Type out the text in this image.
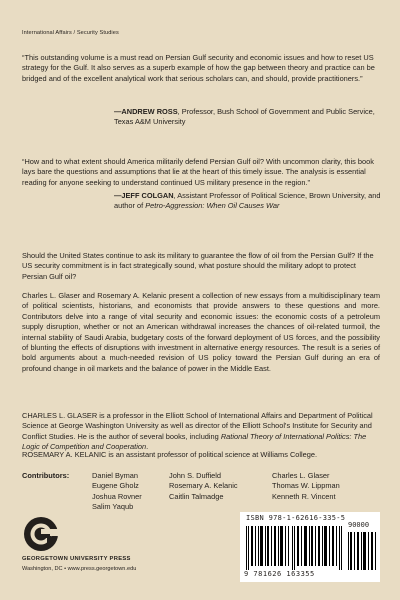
International Affairs / Security Studies
“This outstanding volume is a must read on Persian Gulf security and economic issues and how to reset US strategy for the Gulf. It also serves as a superb example of how the gap between theory and practice can be bridged and of the excellent analytical work that serious scholars can, and should, provide practitioners.”
—ANDREW ROSS, Professor, Bush School of Government and Public Service, Texas A&M University
“How and to what extent should America militarily defend Persian Gulf oil? With uncommon clarity, this book lays bare the questions and assumptions that lie at the heart of this timely issue. The analysis is essential reading for anyone seeking to understand continued US military presence in the region.”
—JEFF COLGAN, Assistant Professor of Political Science, Brown University, and author of Petro-Aggression: When Oil Causes War
Should the United States continue to ask its military to guarantee the flow of oil from the Persian Gulf? If the US security commitment is in fact strategically sound, what posture should the military adopt to protect Persian Gulf oil?
Charles L. Glaser and Rosemary A. Kelanic present a collection of new essays from a multidisciplinary team of political scientists, historians, and economists that provide answers to these questions and more. Contributors delve into a range of vital security and economic issues: the economic costs of a petroleum supply disruption, whether or not an American withdrawal increases the chances of oil-related turmoil, the internal stability of Saudi Arabia, budgetary costs of the forward deployment of US forces, and the possibility of blunting the effects of disruptions with investment in alternative energy resources. The result is a series of bold arguments about a much-needed revision of US policy toward the Persian Gulf during an era of profound change in oil markets and the balance of power in the Middle East.
CHARLES L. GLASER is a professor in the Elliott School of International Affairs and Department of Political Science at George Washington University as well as director of the Elliott School's Institute for Security and Conflict Studies. He is the author of several books, including Rational Theory of International Politics: The Logic of Competition and Cooperation.
ROSEMARY A. KELANIC is an assistant professor of political science at Williams College.
Contributors:	Daniel Byman	John S. Duffield	Charles L. Glaser
Eugene Gholz	Rosemary A. Kelanic	Thomas W. Lippman
Joshua Rovner	Caitlin Talmadge	Kenneth R. Vincent
Salim Yaqub
GEORGETOWN UNIVERSITY PRESS
Washington, DC • www.press.georgetown.edu
ISBN 978-1-62616-335-5
90000
9 781626 163355
